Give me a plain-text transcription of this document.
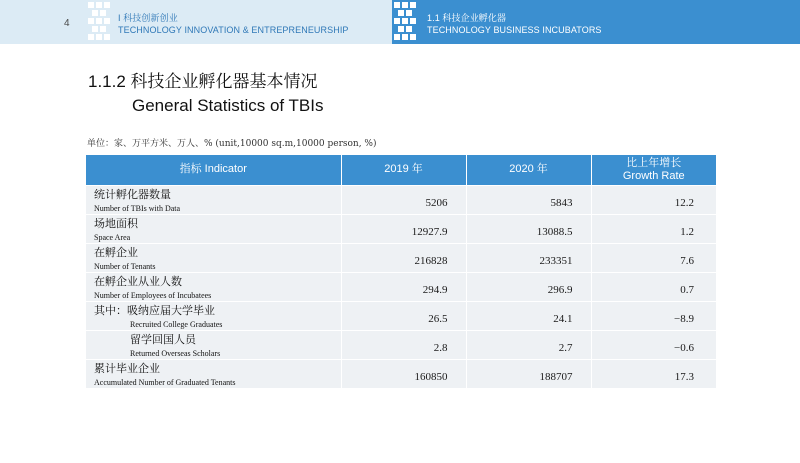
4	I 科技创新创业
TECHNOLOGY INNOVATION & ENTREPRENEURSHIP
1.1 科技企业孵化器
TECHNOLOGY BUSINESS INCUBATORS
1.1.2 科技企业孵化器基本情况
General Statistics of TBIs
单位：家、万平方米、万人、% (unit,10000 sq.m,10000 person, %)
指标 Indicator	2019 年	2020 年	比上年增长
Growth Rate

统计孵化器数量
Number of TBIs with Data	5206	5843	12.2

场地面积
Space Area	12927.9	13088.5	1.2

在孵企业
Number of Tenants	216828	233351	7.6

在孵企业从业人数
Number of Employees of Incubatees	294.9	296.9	0.7

其中：吸纳应届大学毕业
Recruited College Graduates	26.5	24.1	−8.9

留学回国人员
Returned Overseas Scholars	2.8	2.7	−0.6

累计毕业企业
Accumulated Number of Graduated Tenants	160850	188707	17.3
